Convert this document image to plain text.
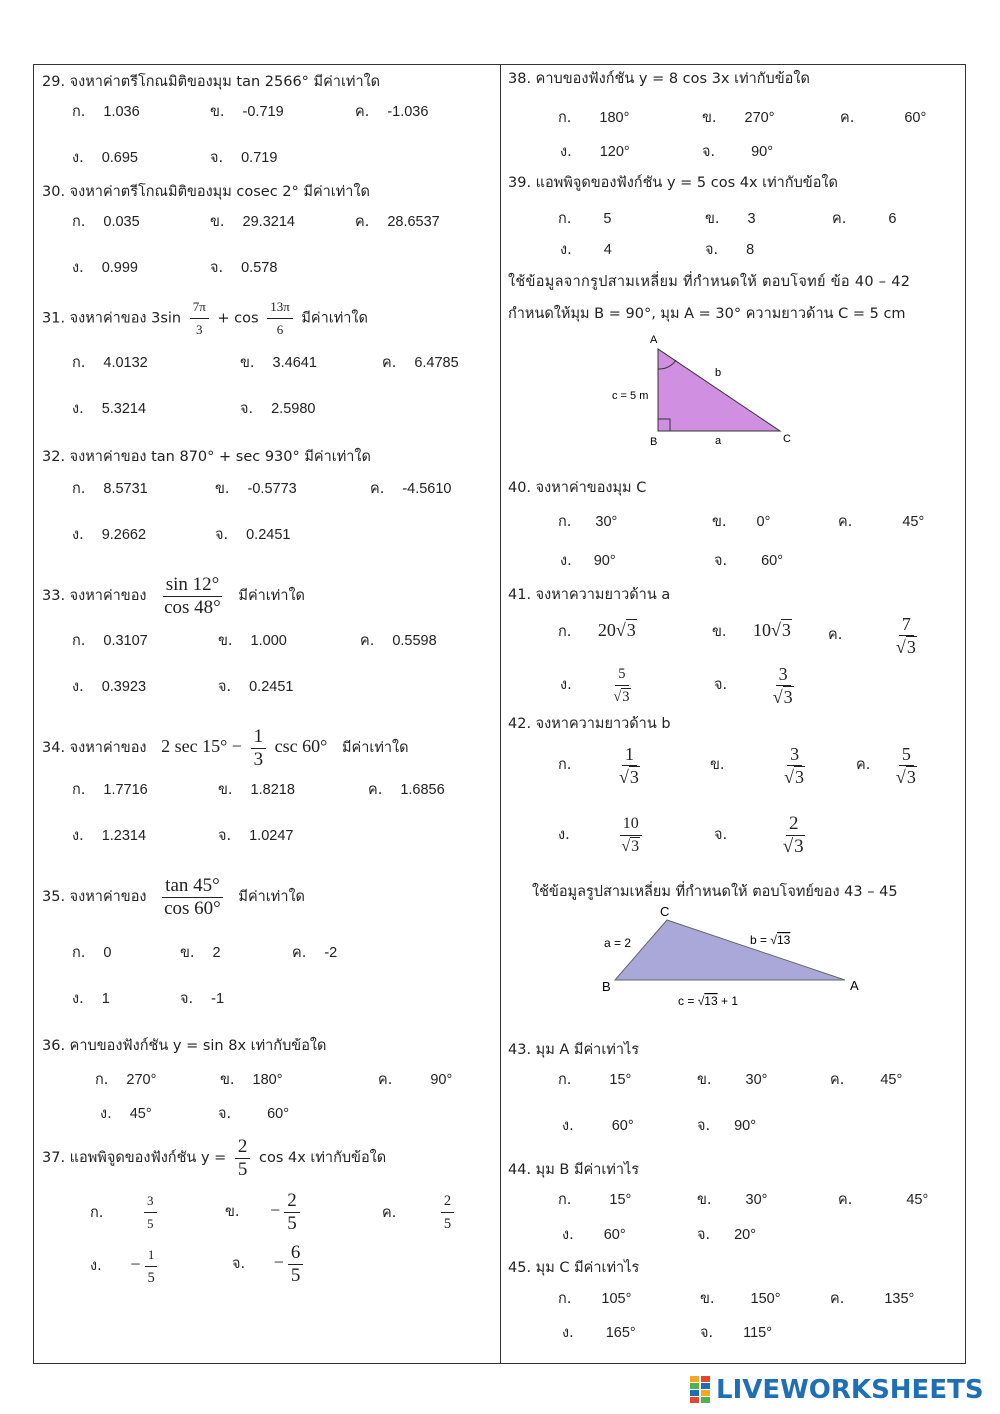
29. จงหาค่าตรีโกณมิติของมุม tan 2566° มีค่าเท่าใด
ก. 1.036	ข. -0.719	ค. -1.036
ง. 0.695	จ. 0.719
30. จงหาค่าตรีโกณมิติของมุม cosec 2° มีค่าเท่าใด
ก. 0.035	ข. 29.3214	ค. 28.6537
ง. 0.999	จ. 0.578
31. จงหาค่าของ $3\sin \frac{7\pi}{3} + \cos \frac{13\pi}{6}$ มีค่าเท่าใด
ก. 4.0132	ข. 3.4641	ค. 6.4785
ง. 5.3214	จ. 2.5980
32. จงหาค่าของ tan 870° + sec 930° มีค่าเท่าใด
ก. 8.5731	ข. -0.5773	ค. -4.5610
ง. 9.2662	จ. 0.2451
33. จงหาค่าของ $\frac{\sin 12^\circ}{\cos 48^\circ}$ มีค่าเท่าใด
ก. 0.3107	ข. 1.000	ค. 0.5598
ง. 0.3923	จ. 0.2451
34. จงหาค่าของ 2 $\sec 15^\circ - \frac{1}{3}$ csc 60° มีค่าเท่าใด
ก. 1.7716	ข. 1.8218	ค. 1.6856
ง. 1.2314	จ. 1.0247
35. จงหาค่าของ $\frac{\tan 45^\circ}{\cos 60^\circ}$ มีค่าเท่าใด
ก. 0	ข. 2	ค. -2
ง. 1	จ. -1
36. คาบของฟังก์ชัน y = sin 8x เท่ากับข้อใด
ก. 270°	ข. 180°	ค.	90°
ง. 45°	จ. 60°
37. แอพพิจูดของฟังก์ชัน $y = \frac{2}{5}$ cos 4x เท่ากับข้อใด
ก.	$\frac{3}{5}$	ข. − $\frac{2}{5}$	ค.	$\frac{2}{5}$
ง. − $\frac{1}{5}$	จ. − $\frac{6}{5}$
38. คาบของฟังก์ชัน y = 8 cos 3x เท่ากับข้อใด
ก. 180°	ข. 270°	ค.	60°
ง. 120°	จ. 90°
39. แอพพิจูดของฟังก์ชัน y = 5 cos 4x เท่ากับข้อใด
ก. 5	ข. 3	ค.	6
ง. 4	จ. 8
ใช้ข้อมูลจากรูปสามเหลี่ยม ที่กำหนดให้ ตอบโจทย์ ข้อ 40 – 42
กำหนดให้มุม B = 90°, มุม A = 30° ความยาวด้าน C = 5 cm
A
B	C
b
a
c = 5 m
40. จงหาค่าของมุม C
ก. 30°	ข. 0°	ค.	45°
ง. 90°	จ. 60°
41. จงหาความยาวด้าน a
ก. 20√3	ข. 10√3	ค.	$\frac{7}{√3}$
ง.	$\frac{5}{√3}$	จ. $\frac{3}{√3}$
42. จงหาความยาวด้าน b
ก. $\frac{1}{√3}$	ข.	$\frac{3}{√3}$	ค. $\frac{5}{√3}$
ง.	$\frac{10}{√3}$	จ.	$\frac{2}{√3}$
ใช้ข้อมูลรูปสามเหลี่ยม ที่กำหนดให้ ตอบโจทย์ของ 43 – 45
C
B	A
a = 2	b = √13
c = √13 + 1
43. มุม A มีค่าเท่าไร
ก.	15°	ข. 30°	ค. 45°
ง.	60°	จ. 90°
44. มุม B มีค่าเท่าไร
ก.	15°	ข. 30°	ค.	45°
ง. 60°	จ. 20°
45. มุม C มีค่าเท่าไร
ก. 105°	ข. 150°	ค.	135°
ง. 165°	จ. 115°
LIVEWORKSHEETS
